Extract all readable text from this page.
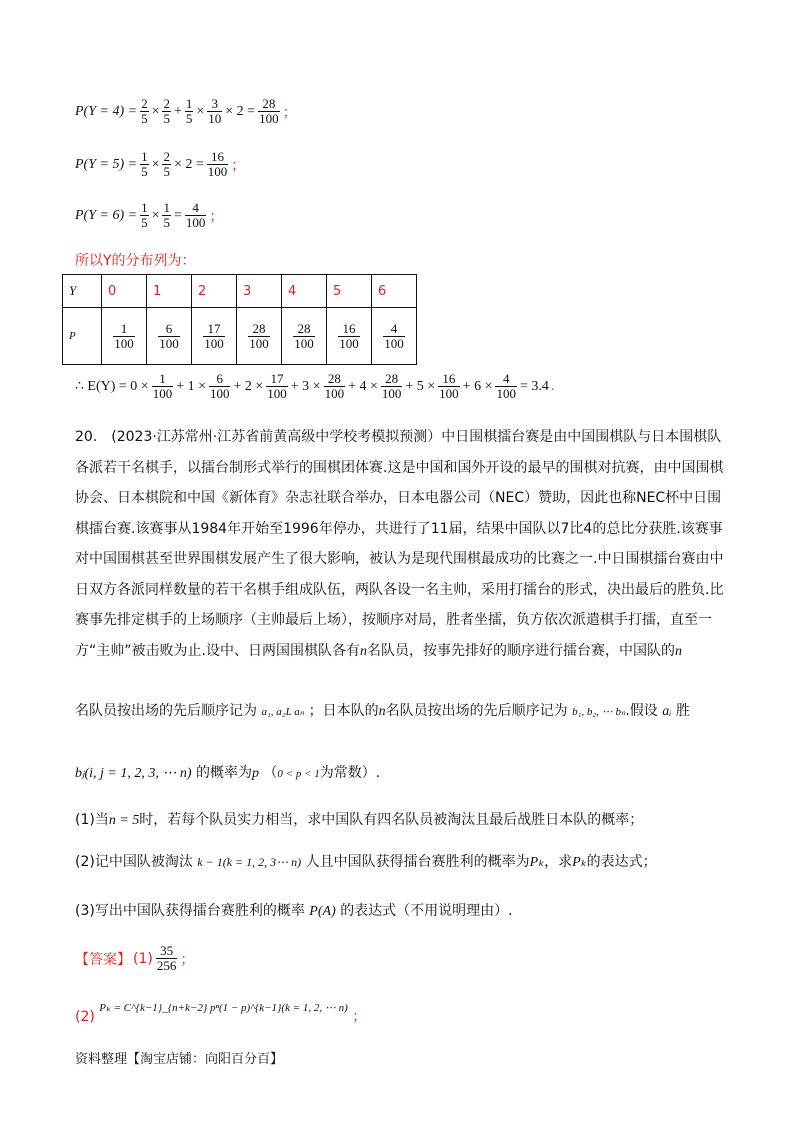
$P(Y = 4) = \frac{2}{5} \times \frac{2}{5} + \frac{1}{5} \times \frac{3}{10} \times 2 = \frac{28}{100}$ ；
$P(Y = 5) = \frac{1}{5} \times \frac{2}{5} \times 2 = \frac{16}{100}$ ；
$P(Y = 6) = \frac{1}{5} \times \frac{1}{5} = \frac{4}{100}$ ；
所以Y的分布列为：
Y	0	1	2	3	4	5	6
P	$\frac{1}{100}$	$\frac{6}{100}$	$\frac{17}{100}$	$\frac{28}{100}$	$\frac{28}{100}$	$\frac{16}{100}$	$\frac{4}{100}$
∴ $E(Y) = 0 \times \frac{1}{100} + 1 \times \frac{6}{100} + 2 \times \frac{17}{100} + 3 \times \frac{28}{100} + 4 \times \frac{28}{100} + 5 \times \frac{16}{100} + 6 \times \frac{4}{100} = 3.4$ .
20.　(2023·江苏常州·江苏省前黄高级中学校考模拟预测）中日围棋擂台赛是由中国围棋队与日本围棋队各派若干名棋手，以擂台制形式举行的围棋团体赛.这是中国和国外开设的最早的围棋对抗赛，由中国围棋协会、日本棋院和中国《新体育》杂志社联合举办，日本电器公司（NEC）赞助，因此也称NEC杯中日围棋擂台赛.该赛事从1984年开始至1996年停办，共进行了11届，结果中国队以7比4的总比分获胜.该赛事对中国围棋甚至世界围棋发展产生了很大影响，被认为是现代围棋最成功的比赛之一.中日围棋擂台赛由中日双方各派同样数量的若干名棋手组成队伍，两队各设一名主帅，采用打擂台的形式，决出最后的胜负.比赛事先排定棋手的上场顺序（主帅最后上场），按顺序对局，胜者坐擂，负方依次派遣棋手打擂，直至一方“主帅”被击败为止.设中、日两国围棋队各有n名队员，按事先排好的顺序进行擂台赛，中国队的n
名队员按出场的先后顺序记为 a₁, a₂L aₙ ；日本队的n名队员按出场的先后顺序记为 b₁, b₂, ⋯ bₙ.假设 aᵢ 胜
bⱼ(i, j = 1, 2, 3, ⋯ n) 的概率为p （0 < p < 1为常数）.
(1)当n = 5时，若每个队员实力相当，求中国队有四名队员被淘汰且最后战胜日本队的概率；
(2)记中国队被淘汰 k − 1(k = 1, 2, 3⋯ n) 人且中国队获得擂台赛胜利的概率为Pₖ，求Pₖ的表达式；
(3)写出中国队获得擂台赛胜利的概率 P(A) 的表达式（不用说明理由）.
【答案】 $(1) \frac{35}{256}$ ；
(2) Pₖ = C^{k−1}_{n+k−2} pⁿ(1 − p)^{k−1}(k = 1, 2, ⋯ n) ；
资料整理【淘宝店铺：向阳百分百】
